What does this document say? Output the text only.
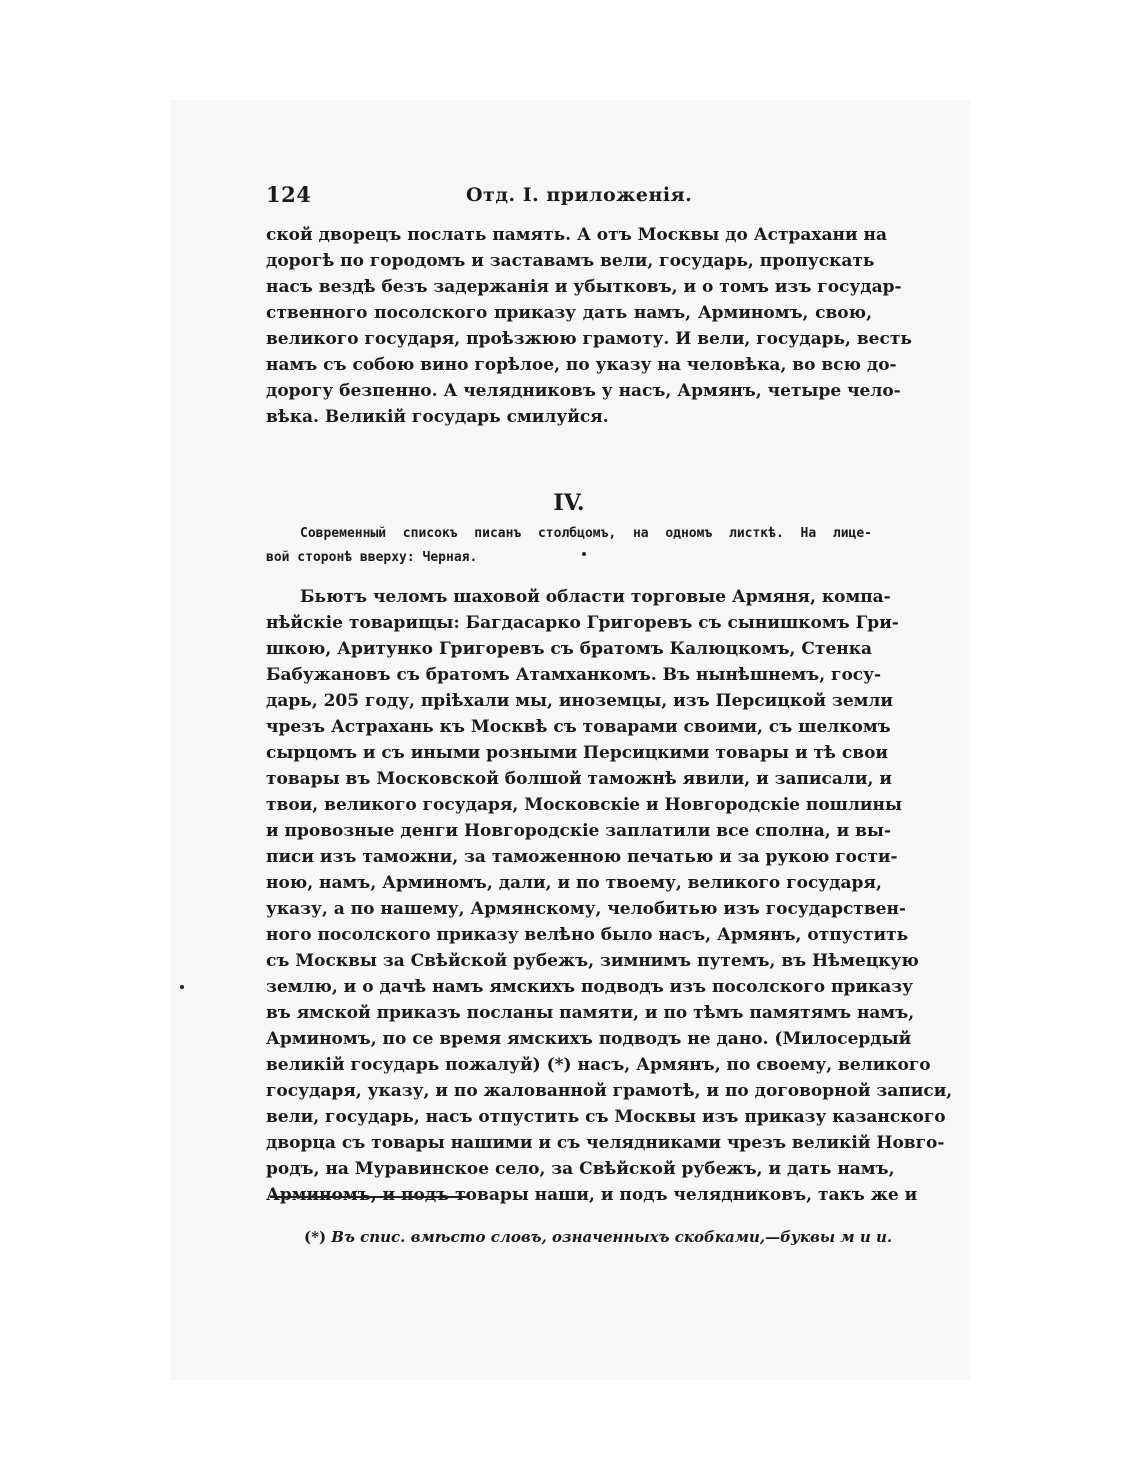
124	Отд. I. приложенія.
ской дворецъ послать память. А отъ Москвы до Астрахани на
дорогѣ по городомъ и заставамъ вели, государь, пропускать
насъ вездѣ безъ задержанія и убытковъ, и о томъ изъ государ-
ственного посолского приказу дать намъ, Арминомъ, свою,
великого государя, проѣзжюю грамоту. И вели, государь, весть
намъ съ собою вино горѣлое, по указу на человѣка, во всю до-
дорогу безпенно. А челядниковъ у насъ, Армянъ, четыре чело-
вѣка. Великій государь смилуйся.
IV.
Современный списокъ писанъ столбцомъ, на одномъ листкѣ. На лице-
вой сторонѣ вверху: Черная.
Бьютъ челомъ шаховой области торговые Армяня, компа-
нѣйскіе товарищы: Багдасарко Григоревъ съ сынишкомъ Гри-
шкою, Аритунко Григоревъ съ братомъ Калюцкомъ, Стенка
Бабужановъ съ братомъ Атамханкомъ. Въ нынѣшнемъ, госу-
дарь, 205 году, пріѣхали мы, иноземцы, изъ Персицкой земли
чрезъ Астрахань къ Москвѣ съ товарами своими, съ шелкомъ
сырцомъ и съ иными розными Персицкими товары и тѣ свои
товары въ Московской болшой таможнѣ явили, и записали, и
твои, великого государя, Московскіе и Новгородскіе пошлины
и провозные денги Новгородскіе заплатили все сполна, и вы-
писи изъ таможни, за таможенною печатью и за рукою гости-
ною, намъ, Арминомъ, дали, и по твоему, великого государя,
указу, а по нашему, Армянскому, челобитью изъ государствен-
ного посолского приказу велѣно было насъ, Армянъ, отпустить
съ Москвы за Свѣйской рубежъ, зимнимъ путемъ, въ Нѣмецкую
землю, и о дачѣ намъ ямскихъ подводъ изъ посолского приказу
въ ямской приказъ посланы памяти, и по тѣмъ памятямъ намъ,
Арминомъ, по се время ямскихъ подводъ не дано. (Милосердый
великій государь пожалуй) (*) насъ, Армянъ, по своему, великого
государя, указу, и по жалованной грамотѣ, и по договорной записи,
вели, государь, насъ отпустить съ Москвы изъ приказу казанского
дворца съ товары нашими и съ челядниками чрезъ великій Новго-
родъ, на Муравинское село, за Свѣйской рубежъ, и дать намъ,
Арминомъ, и подъ товары наши, и подъ челядниковъ, такъ же и
(*) Въ спис. вмѣсто словъ, означенныхъ скобками,—буквы м и и.
